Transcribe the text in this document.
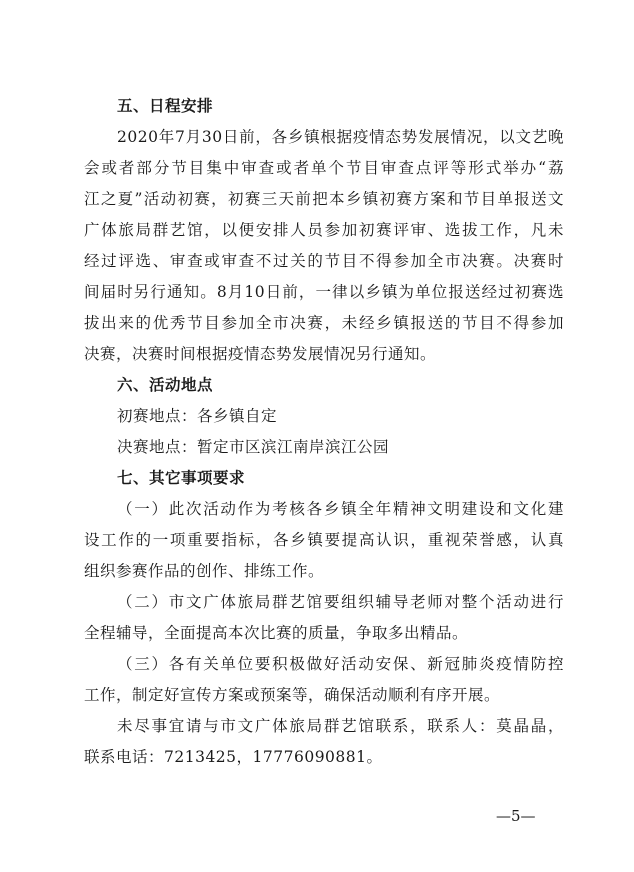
五、日程安排
2020年7月30日前，各乡镇根据疫情态势发展情况，以文艺晚
会或者部分节目集中审查或者单个节目审查点评等形式举办“荔
江之夏”活动初赛，初赛三天前把本乡镇初赛方案和节目单报送文
广体旅局群艺馆，以便安排人员参加初赛评审、选拔工作，凡未
经过评选、审查或审查不过关的节目不得参加全市决赛。决赛时
间届时另行通知。8月10日前，一律以乡镇为单位报送经过初赛选
拔出来的优秀节目参加全市决赛，未经乡镇报送的节目不得参加
决赛，决赛时间根据疫情态势发展情况另行通知。
六、活动地点
初赛地点：各乡镇自定
决赛地点：暂定市区滨江南岸滨江公园
七、其它事项要求
（一）此次活动作为考核各乡镇全年精神文明建设和文化建
设工作的一项重要指标，各乡镇要提高认识，重视荣誉感，认真
组织参赛作品的创作、排练工作。
（二）市文广体旅局群艺馆要组织辅导老师对整个活动进行
全程辅导，全面提高本次比赛的质量，争取多出精品。
（三）各有关单位要积极做好活动安保、新冠肺炎疫情防控
工作，制定好宣传方案或预案等，确保活动顺利有序开展。
未尽事宜请与市文广体旅局群艺馆联系，联系人：莫晶晶，
联系电话：7213425，17776090881。
—5—
